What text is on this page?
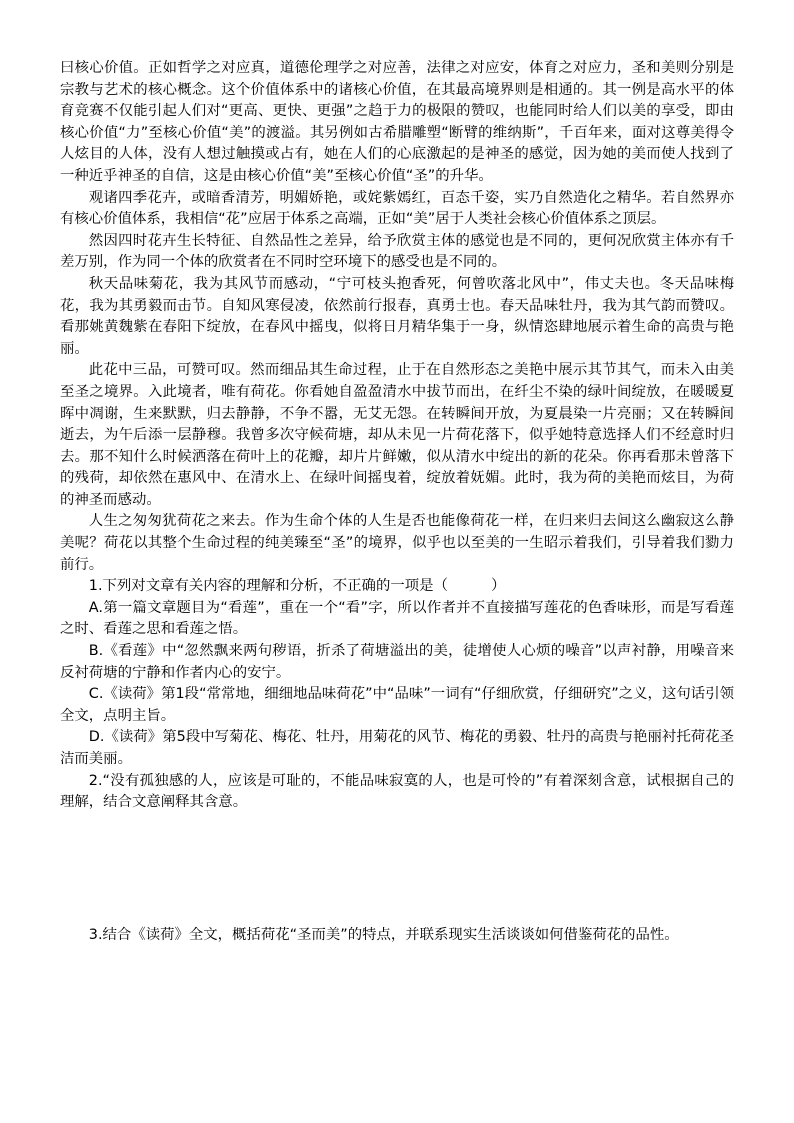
曰核心价值。正如哲学之对应真，道德伦理学之对应善，法律之对应安，体育之对应力，圣和美则分别是宗教与艺术的核心概念。这个价值体系中的诸核心价值，在其最高境界则是相通的。其一例是高水平的体育竞赛不仅能引起人们对“更高、更快、更强”之趋于力的极限的赞叹，也能同时给人们以美的享受，即由核心价值“力”至核心价值“美”的渡溢。其另例如古希腊雕塑“断臂的维纳斯”，千百年来，面对这尊美得令人炫目的人体，没有人想过触摸或占有，她在人们的心底激起的是神圣的感觉，因为她的美而使人找到了一种近乎神圣的自信，这是由核心价值“美”至核心价值“圣”的升华。

观诸四季花卉，或暗香清芳，明媚娇艳，或姹紫嫣红，百态千姿，实乃自然造化之精华。若自然界亦有核心价值体系，我相信“花”应居于体系之高端，正如“美”居于人类社会核心价值体系之顶层。

然因四时花卉生长特征、自然品性之差异，给予欣赏主体的感觉也是不同的，更何况欣赏主体亦有千差万别，作为同一个体的欣赏者在不同时空环境下的感受也是不同的。

秋天品味菊花，我为其风节而感动，“宁可枝头抱香死，何曾吹落北风中”，伟丈夫也。冬天品味梅花，我为其勇毅而击节。自知风寒侵凌，依然前行报春，真勇士也。春天品味牡丹，我为其气韵而赞叹。看那姚黄魏紫在春阳下绽放，在春风中摇曳，似将日月精华集于一身，纵情恣肆地展示着生命的高贵与艳丽。

此花中三品，可赞可叹。然而细品其生命过程，止于在自然形态之美艳中展示其节其气，而未入由美至圣之境界。入此境者，唯有荷花。你看她自盈盈清水中拔节而出，在纤尘不染的绿叶间绽放，在暖暖夏晖中凋谢，生来默默，归去静静，不争不嚣，无艾无怨。在转瞬间开放，为夏晨染一片亮丽；又在转瞬间逝去，为午后添一层静穆。我曾多次守候荷塘，却从未见一片荷花落下，似乎她特意选择人们不经意时归去。那不知什么时候洒落在荷叶上的花瓣，却片片鲜嫩，似从清水中绽出的新的花朵。你再看那未曾落下的残荷，却依然在惠风中、在清水上、在绿叶间摇曳着，绽放着妩媚。此时，我为荷的美艳而炫目，为荷的神圣而感动。

人生之匆匆犹荷花之来去。作为生命个体的人生是否也能像荷花一样，在归来归去间这么幽寂这么静美呢？荷花以其整个生命过程的纯美臻至“圣”的境界，似乎也以至美的一生昭示着我们，引导着我们勠力前行。

1.下列对文章有关内容的理解和分析，不正确的一项是（　　　）

A.第一篇文章题目为“看莲”，重在一个“看”字，所以作者并不直接描写莲花的色香味形，而是写看莲之时、看莲之思和看莲之悟。

B.《看莲》中“忽然飘来两句秽语，折杀了荷塘溢出的美，徒增使人心烦的噪音”以声衬静，用噪音来反衬荷塘的宁静和作者内心的安宁。

C.《读荷》第1段“常常地，细细地品味荷花”中“品味”一词有“仔细欣赏，仔细研究”之义，这句话引领全文，点明主旨。

D.《读荷》第5段中写菊花、梅花、牡丹，用菊花的风节、梅花的勇毅、牡丹的高贵与艳丽衬托荷花圣洁而美丽。

2.“没有孤独感的人，应该是可耻的，不能品味寂寞的人，也是可怜的”有着深刻含意，试根据自己的理解，结合文意阐释其含意。

3.结合《读荷》全文，概括荷花“圣而美”的特点，并联系现实生活谈谈如何借鉴荷花的品性。
